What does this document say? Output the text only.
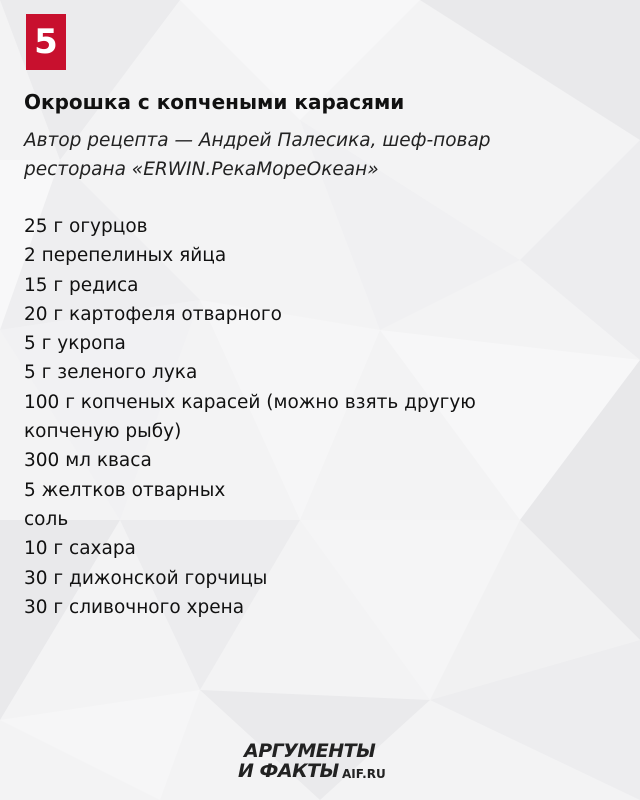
5
Окрошка с копчеными карасями
Автор рецепта — Андрей Палесика, шеф-повар
ресторана «ERWIN.РекаМореОкеан»
25 г огурцов
2 перепелиных яйца
15 г редиса
20 г картофеля отварного
5 г укропа
5 г зеленого лука
100 г копченых карасей (можно взять другую
копченую рыбу)
300 мл кваса
5 желтков отварных
соль
10 г сахара
30 г дижонской горчицы
30 г сливочного хрена
АРГУМЕНТЫ
И ФАКТЫ AIF.RU
